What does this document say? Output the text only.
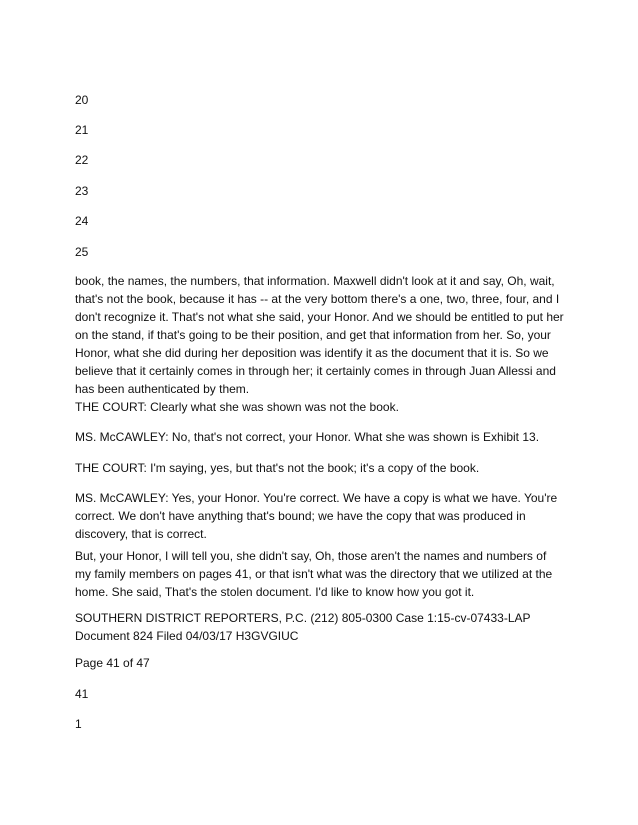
20
21
22
23
24
25

book, the names, the numbers, that information. Maxwell didn't look at it and say, Oh, wait, that's not the book, because it has -- at the very bottom there's a one, two, three, four, and I don't recognize it. That's not what she said, your Honor. And we should be entitled to put her on the stand, if that's going to be their position, and get that information from her. So, your Honor, what she did during her deposition was identify it as the document that it is. So we believe that it certainly comes in through her; it certainly comes in through Juan Allessi and has been authenticated by them.

THE COURT: Clearly what she was shown was not the book.

MS. McCAWLEY: No, that's not correct, your Honor. What she was shown is Exhibit 13.

THE COURT: I'm saying, yes, but that's not the book; it's a copy of the book.

MS. McCAWLEY: Yes, your Honor. You're correct. We have a copy is what we have. You're correct. We don't have anything that's bound; we have the copy that was produced in discovery, that is correct.

But, your Honor, I will tell you, she didn't say, Oh, those aren't the names and numbers of my family members on pages 41, or that isn't what was the directory that we utilized at the home. She said, That's the stolen document. I'd like to know how you got it.

SOUTHERN DISTRICT REPORTERS, P.C. (212) 805-0300 Case 1:15-cv-07433-LAP Document 824 Filed 04/03/17 H3GVGIUC

Page 41 of 47

41
1
